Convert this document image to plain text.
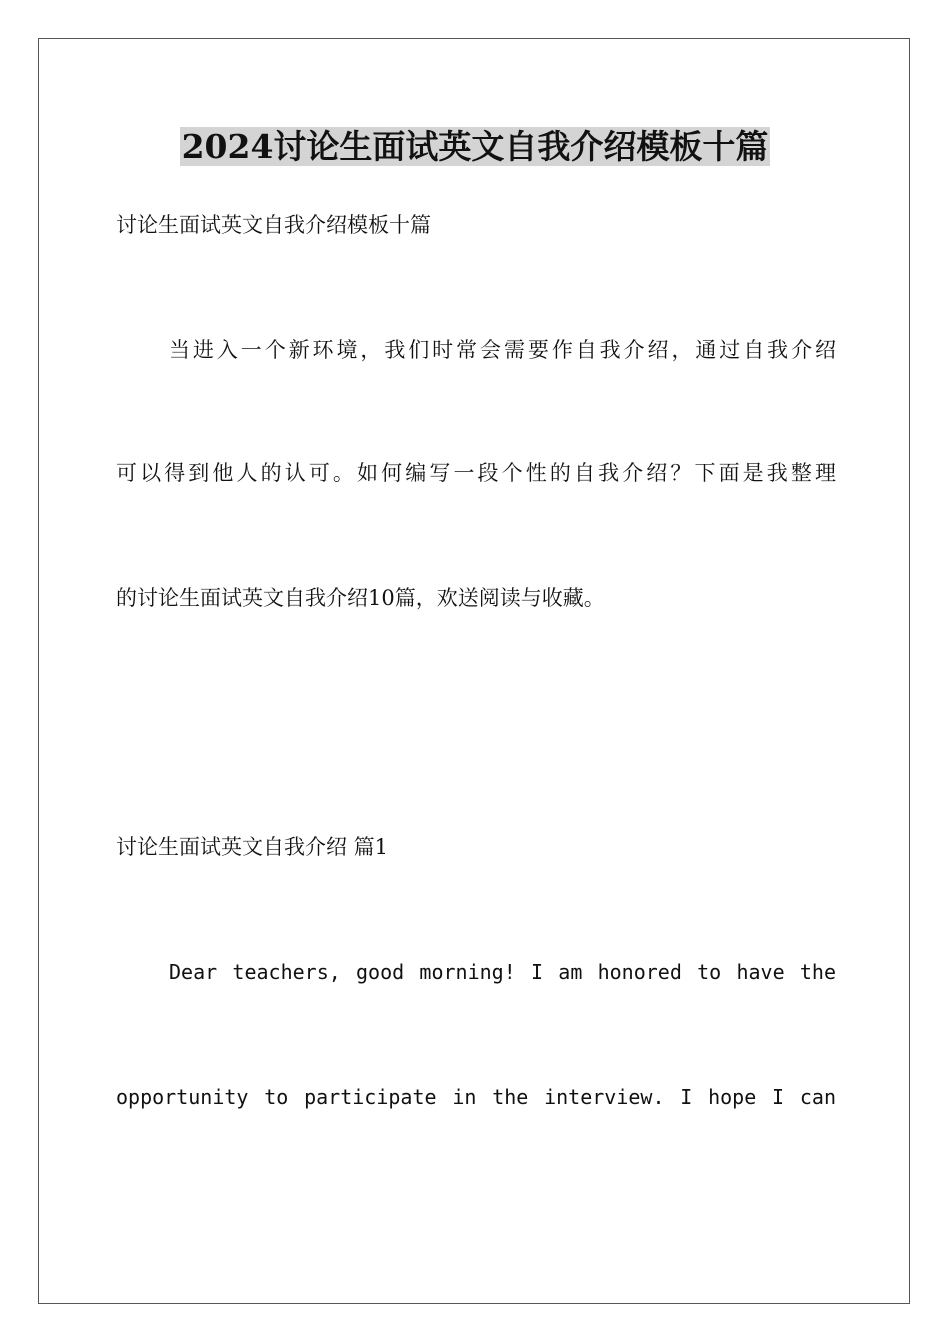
2024讨论生面试英文自我介绍模板十篇
讨论生面试英文自我介绍模板十篇
当进入一个新环境，我们时常会需要作自我介绍，通过自我介绍
可以得到他人的认可。如何编写一段个性的自我介绍？下面是我整理
的讨论生面试英文自我介绍10篇，欢送阅读与收藏。
讨论生面试英文自我介绍 篇1
Dear teachers, good morning! I am honored to have the
opportunity to participate in the interview. I hope I can
